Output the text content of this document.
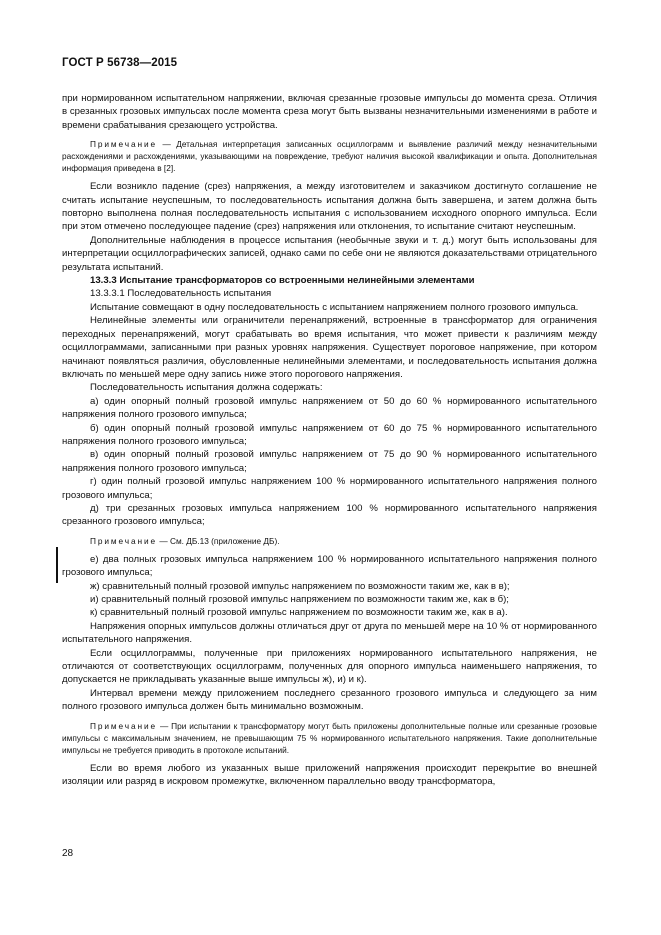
ГОСТ Р 56738—2015

при нормированном испытательном напряжении, включая срезанные грозовые импульсы до момента среза. Отличия в срезанных грозовых импульсах после момента среза могут быть вызваны незначительными изменениями в работе и времени срабатывания срезающего устройства.

Примечание — Детальная интерпретация записанных осциллограмм и выявление различий между незначительными расхождениями и расхождениями, указывающими на повреждение, требуют наличия высокой квалификации и опыта. Дополнительная информация приведена в [2].

Если возникло падение (срез) напряжения, а между изготовителем и заказчиком достигнуто соглашение не считать испытание неуспешным, то последовательность испытания должна быть завершена, и затем должна быть повторно выполнена полная последовательность испытания с использованием исходного опорного импульса. Если при этом отмечено последующее падение (срез) напряжения или отклонения, то испытание считают неуспешным.

Дополнительные наблюдения в процессе испытания (необычные звуки и т. д.) могут быть использованы для интерпретации осциллографических записей, однако сами по себе они не являются доказательствами отрицательного результата испытаний.

13.3.3 Испытание трансформаторов со встроенными нелинейными элементами

13.3.3.1 Последовательность испытания

Испытание совмещают в одну последовательность с испытанием напряжением полного грозового импульса.

Нелинейные элементы или ограничители перенапряжений, встроенные в трансформатор для ограничения переходных перенапряжений, могут срабатывать во время испытания, что может привести к различиям между осциллограммами, записанными при разных уровнях напряжения. Существует пороговое напряжение, при котором начинают появляться различия, обусловленные нелинейными элементами, и последовательность испытания должна включать по меньшей мере одну запись ниже этого порогового напряжения.

Последовательность испытания должна содержать:

а) один опорный полный грозовой импульс напряжением от 50 до 60 % нормированного испытательного напряжения полного грозового импульса;

б) один опорный полный грозовой импульс напряжением от 60 до 75 % нормированного испытательного напряжения полного грозового импульса;

в) один опорный полный грозовой импульс напряжением от 75 до 90 % нормированного испытательного напряжения полного грозового импульса;

г) один полный грозовой импульс напряжением 100 % нормированного испытательного напряжения полного грозового импульса;

д) три срезанных грозовых импульса напряжением 100 % нормированного испытательного напряжения срезанного грозового импульса;

Примечание — См. ДБ.13 (приложение ДБ).

е) два полных грозовых импульса напряжением 100 % нормированного испытательного напряжения полного грозового импульса;

ж) сравнительный полный грозовой импульс напряжением по возможности таким же, как в в);

и) сравнительный полный грозовой импульс напряжением по возможности таким же, как в б);

к) сравнительный полный грозовой импульс напряжением по возможности таким же, как в а).

Напряжения опорных импульсов должны отличаться друг от друга по меньшей мере на 10 % от нормированного испытательного напряжения.

Если осциллограммы, полученные при приложениях нормированного испытательного напряжения, не отличаются от соответствующих осциллограмм, полученных для опорного импульса наименьшего напряжения, то допускается не прикладывать указанные выше импульсы ж), и) и к).

Интервал времени между приложением последнего срезанного грозового импульса и следующего за ним полного грозового импульса должен быть минимально возможным.

Примечание — При испытании к трансформатору могут быть приложены дополнительные полные или срезанные грозовые импульсы с максимальным значением, не превышающим 75 % нормированного испытательного напряжения. Такие дополнительные импульсы не требуется приводить в протоколе испытаний.

Если во время любого из указанных выше приложений напряжения происходит перекрытие во внешней изоляции или разряд в искровом промежутке, включенном параллельно вводу трансформатора,

28
